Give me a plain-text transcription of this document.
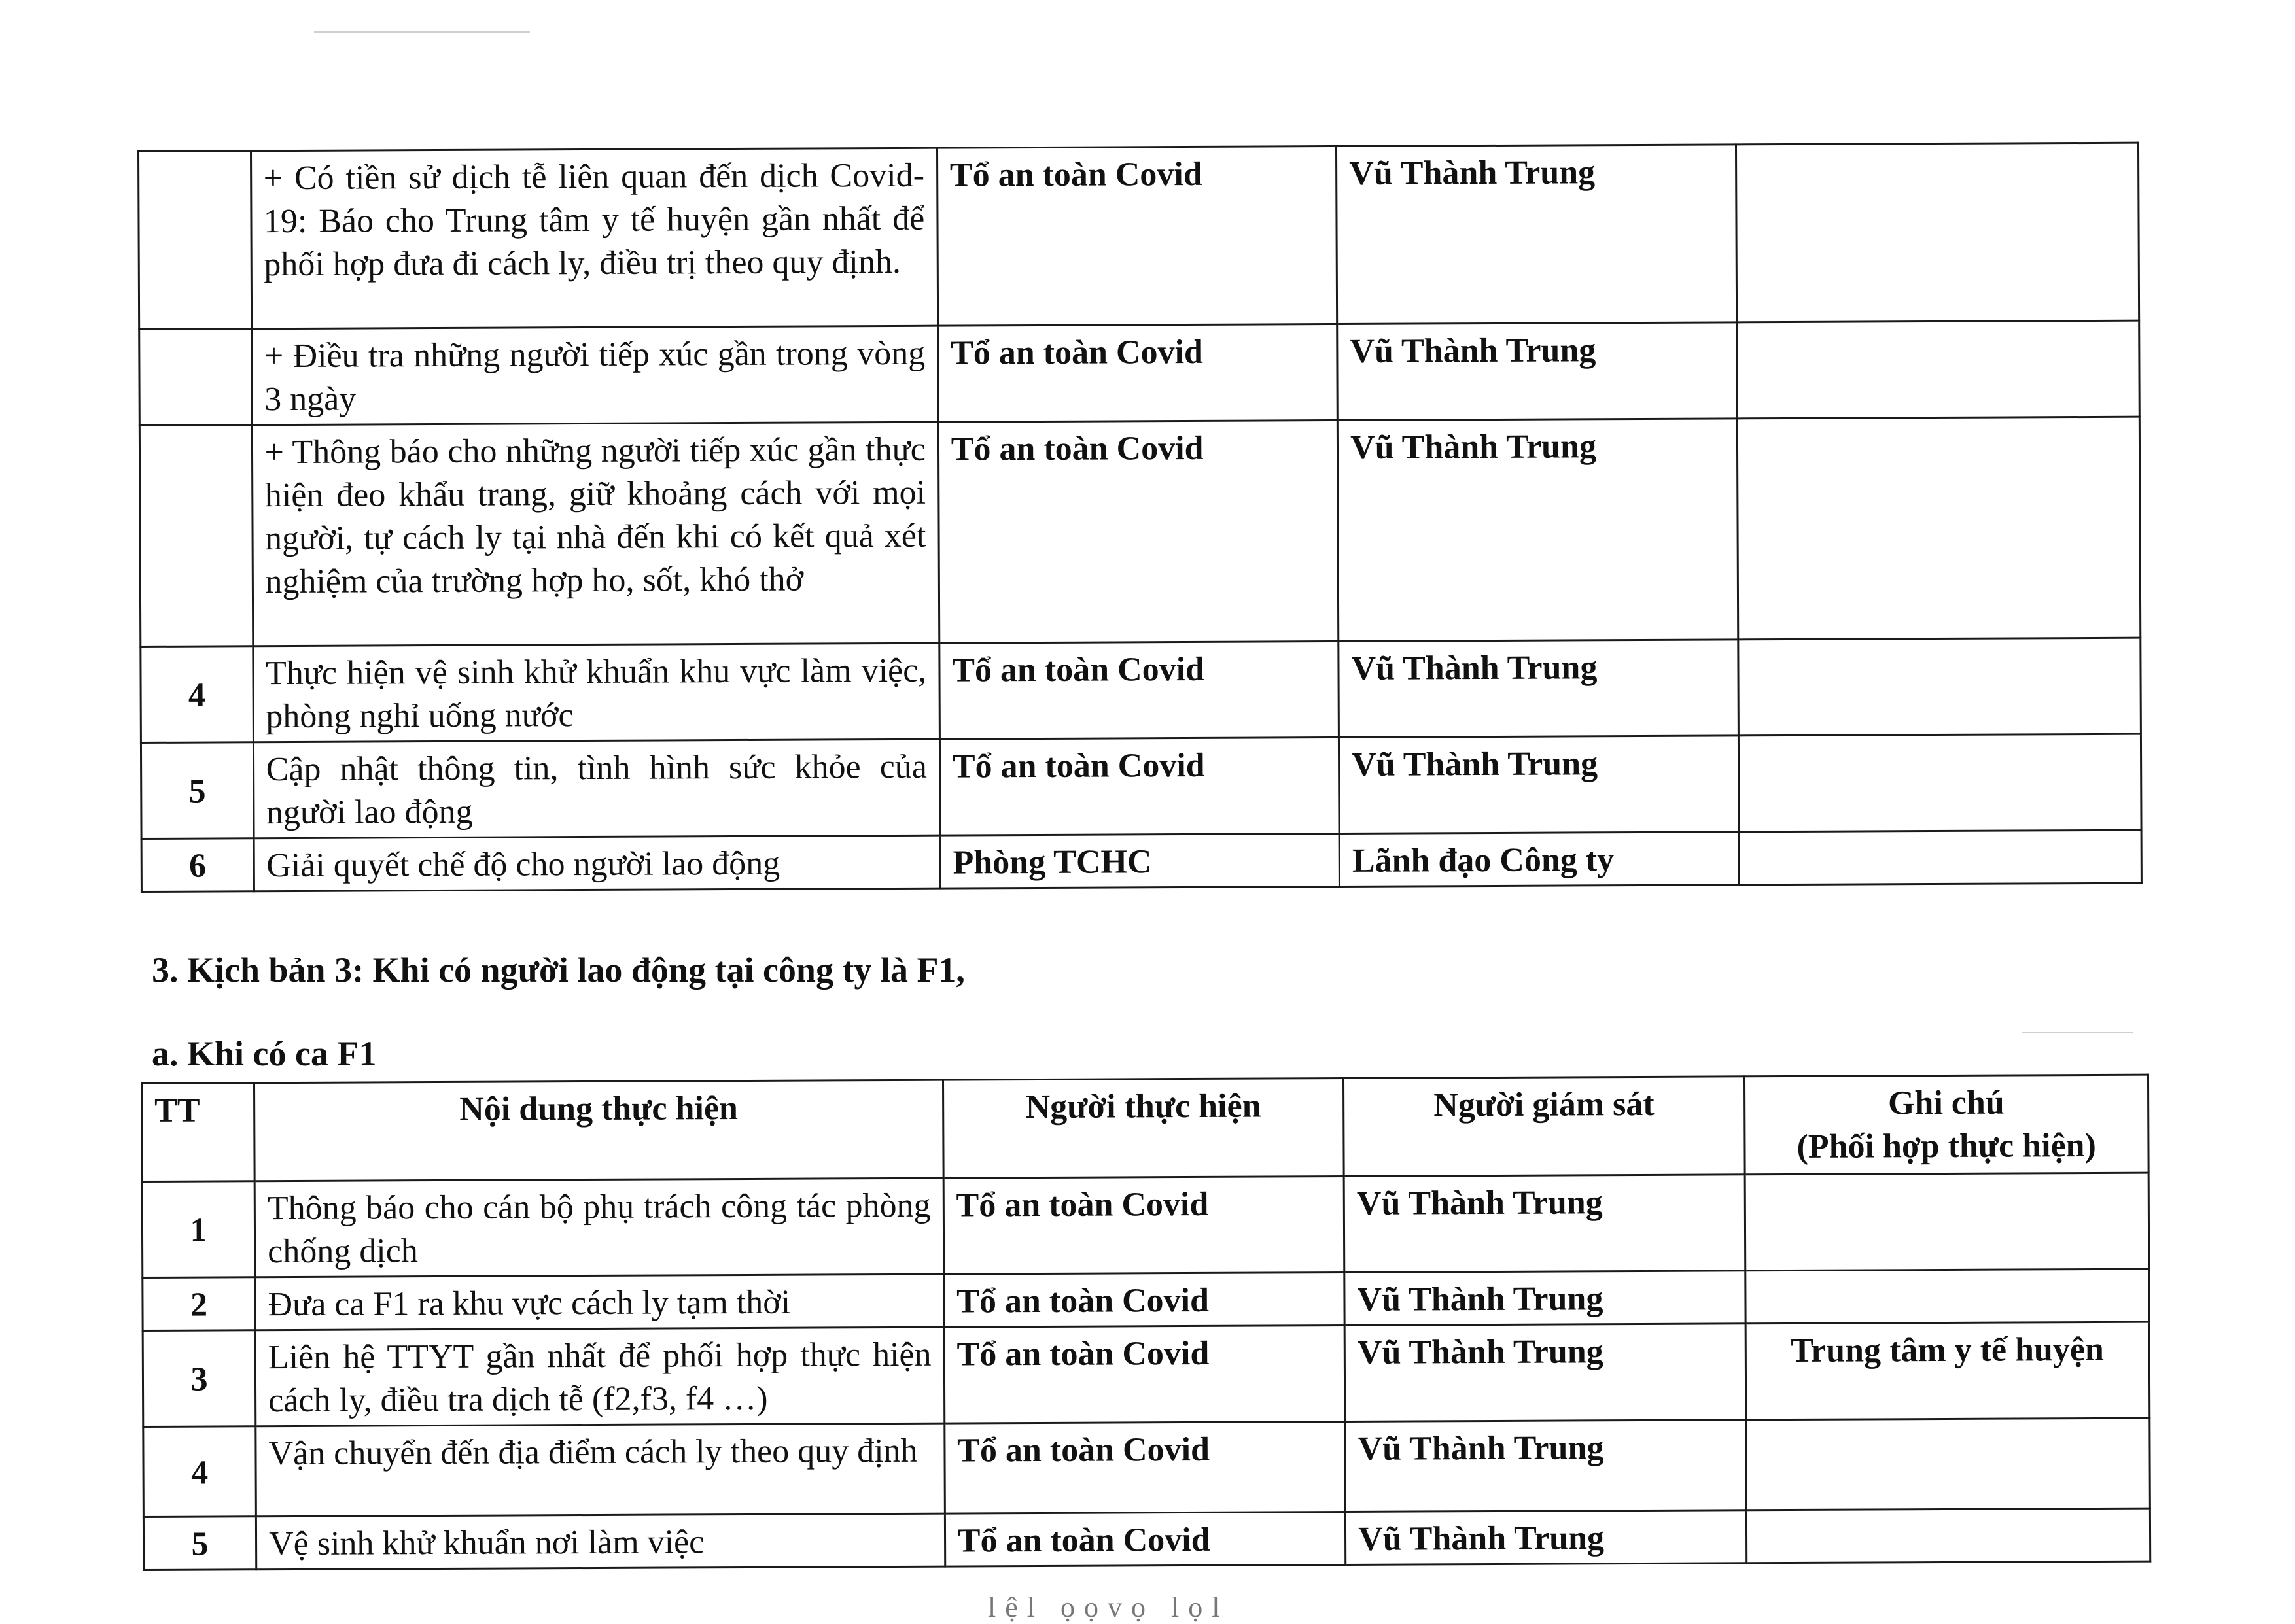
	+ Có tiền sử dịch tễ liên quan đến dịch Covid-19: Báo cho Trung tâm y tế huyện gần nhất để phối hợp đưa đi cách ly, điều trị theo quy định.	Tổ an toàn Covid	Vũ Thành Trung	
	+ Điều tra những người tiếp xúc gần trong vòng 3 ngày	Tổ an toàn Covid	Vũ Thành Trung	
	+ Thông báo cho những người tiếp xúc gần thực hiện đeo khẩu trang, giữ khoảng cách với mọi người, tự cách ly tại nhà đến khi có kết quả xét nghiệm của trường hợp ho, sốt, khó thở	Tổ an toàn Covid	Vũ Thành Trung	
4	Thực hiện vệ sinh khử khuẩn khu vực làm việc, phòng nghỉ uống nước	Tổ an toàn Covid	Vũ Thành Trung	
5	Cập nhật thông tin, tình hình sức khỏe của người lao động	Tổ an toàn Covid	Vũ Thành Trung	
6	Giải quyết chế độ cho người lao động	Phòng TCHC	Lãnh đạo Công ty	
3. Kịch bản 3: Khi có người lao động tại công ty là F1,
a. Khi có ca F1
TT	Nội dung thực hiện	Người thực hiện	Người giám sát	Ghi chú
(Phối hợp thực hiện)

1	Thông báo cho cán bộ phụ trách công tác phòng chống dịch	Tổ an toàn Covid	Vũ Thành Trung	
2	Đưa ca F1 ra khu vực cách ly tạm thời	Tổ an toàn Covid	Vũ Thành Trung	
3	Liên hệ TTYT gần nhất để phối hợp thực hiện cách ly, điều tra dịch tễ (f2,f3, f4 …)	Tổ an toàn Covid	Vũ Thành Trung	Trung tâm y tế huyện
4	Vận chuyển đến địa điểm cách ly theo quy định	Tổ an toàn Covid	Vũ Thành Trung	
5	Vệ sinh khử khuẩn nơi làm việc	Tổ an toàn Covid	Vũ Thành Trung	
lệl ọọvọ lọl
